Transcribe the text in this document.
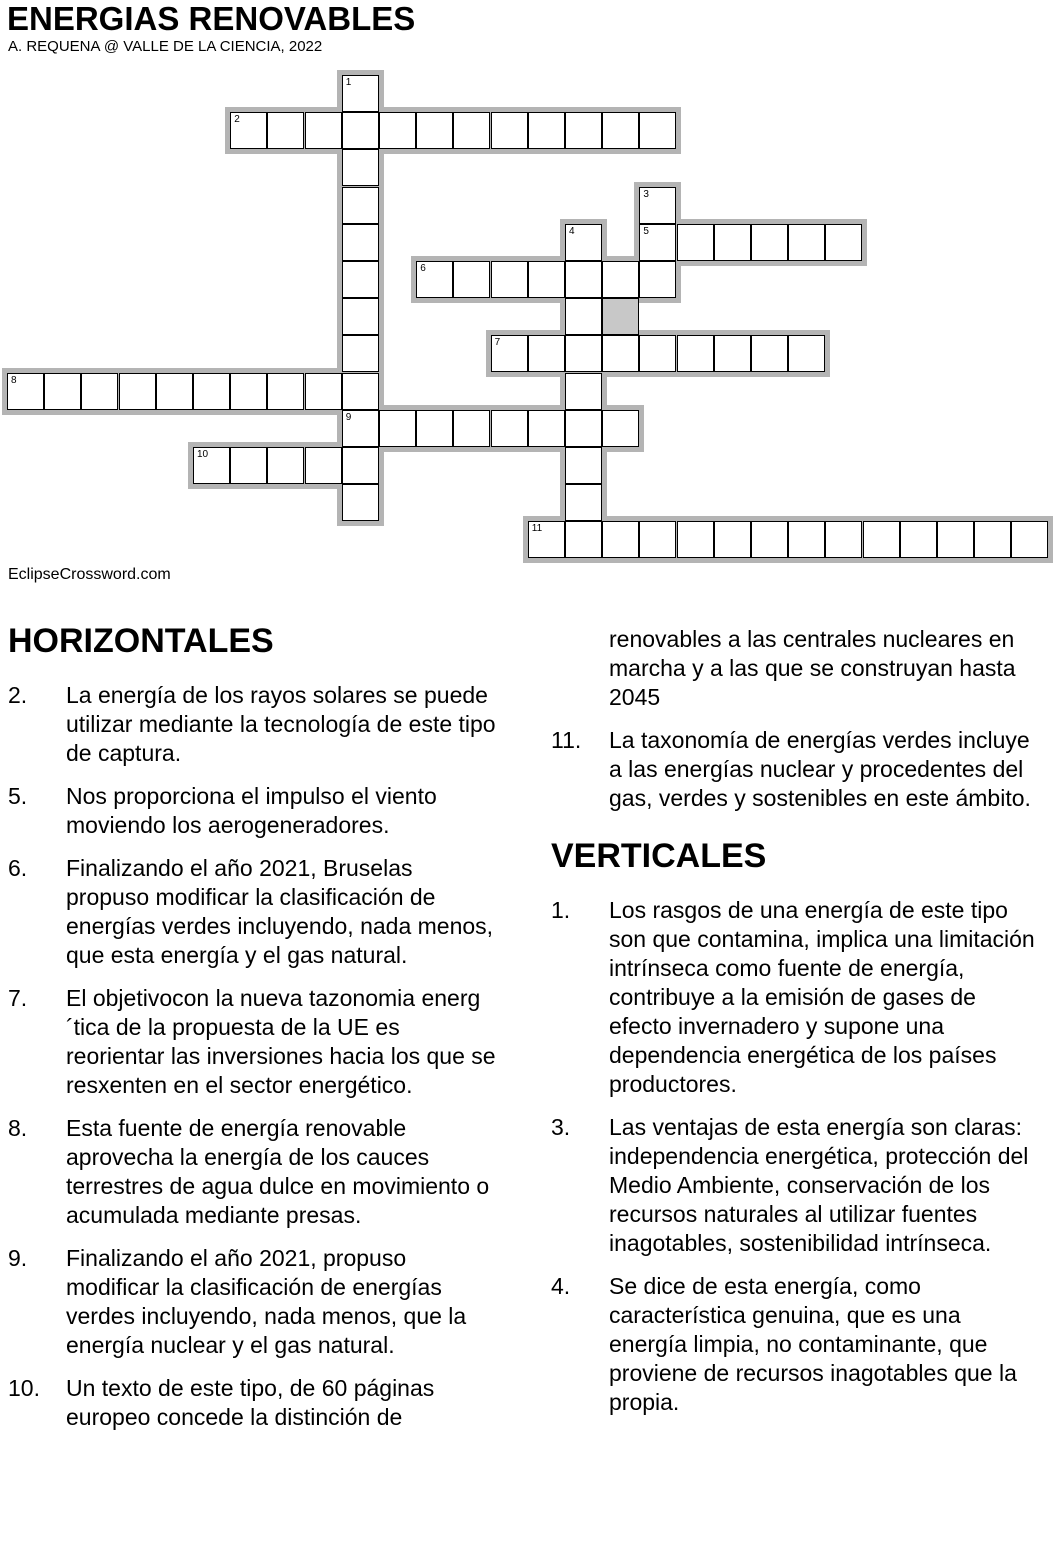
ENERGIAS RENOVABLES
A. REQUENA @ VALLE DE LA CIENCIA, 2022
1
9
2
3
5
4
6
7
8
10
11
EclipseCrossword.com
HORIZONTALES
2. La energía de los rayos solares se puede utilizar mediante la tecnología de este tipo de captura.
5. Nos proporciona el impulso el viento moviendo los aerogeneradores.
6. Finalizando el año 2021, Bruselas propuso modificar la clasificación de energías verdes incluyendo, nada menos, que esta energía y el gas natural.
7. El objetivocon la nueva tazonomia energ´tica de la propuesta de la UE es reorientar las inversiones hacia los que se resxenten en el sector energético.
8. Esta fuente de energía renovable aprovecha la energía de los cauces terrestres de agua dulce en movimiento o acumulada mediante presas.
9. Finalizando el año 2021, propuso modificar la clasificación de energías verdes incluyendo, nada menos, que la energía nuclear y el gas natural.
10. Un texto de este tipo, de 60 páginas europeo concede la distinción de
renovables a las centrales nucleares en marcha y a las que se construyan hasta 2045
11. La taxonomía de energías verdes incluye a las energías nuclear y procedentes del gas, verdes y sostenibles en este ámbito.
VERTICALES
1. Los rasgos de una energía de este tipo son que contamina, implica una limitación intrínseca como fuente de energía, contribuye a la emisión de gases de efecto invernadero y supone una dependencia energética de los países productores.
3. Las ventajas de esta energía son claras: independencia energética, protección del Medio Ambiente, conservación de los recursos naturales al utilizar fuentes inagotables, sostenibilidad intrínseca.
4. Se dice de esta energía, como característica genuina, que es una energía limpia, no contaminante, que proviene de recursos inagotables que la propia.
